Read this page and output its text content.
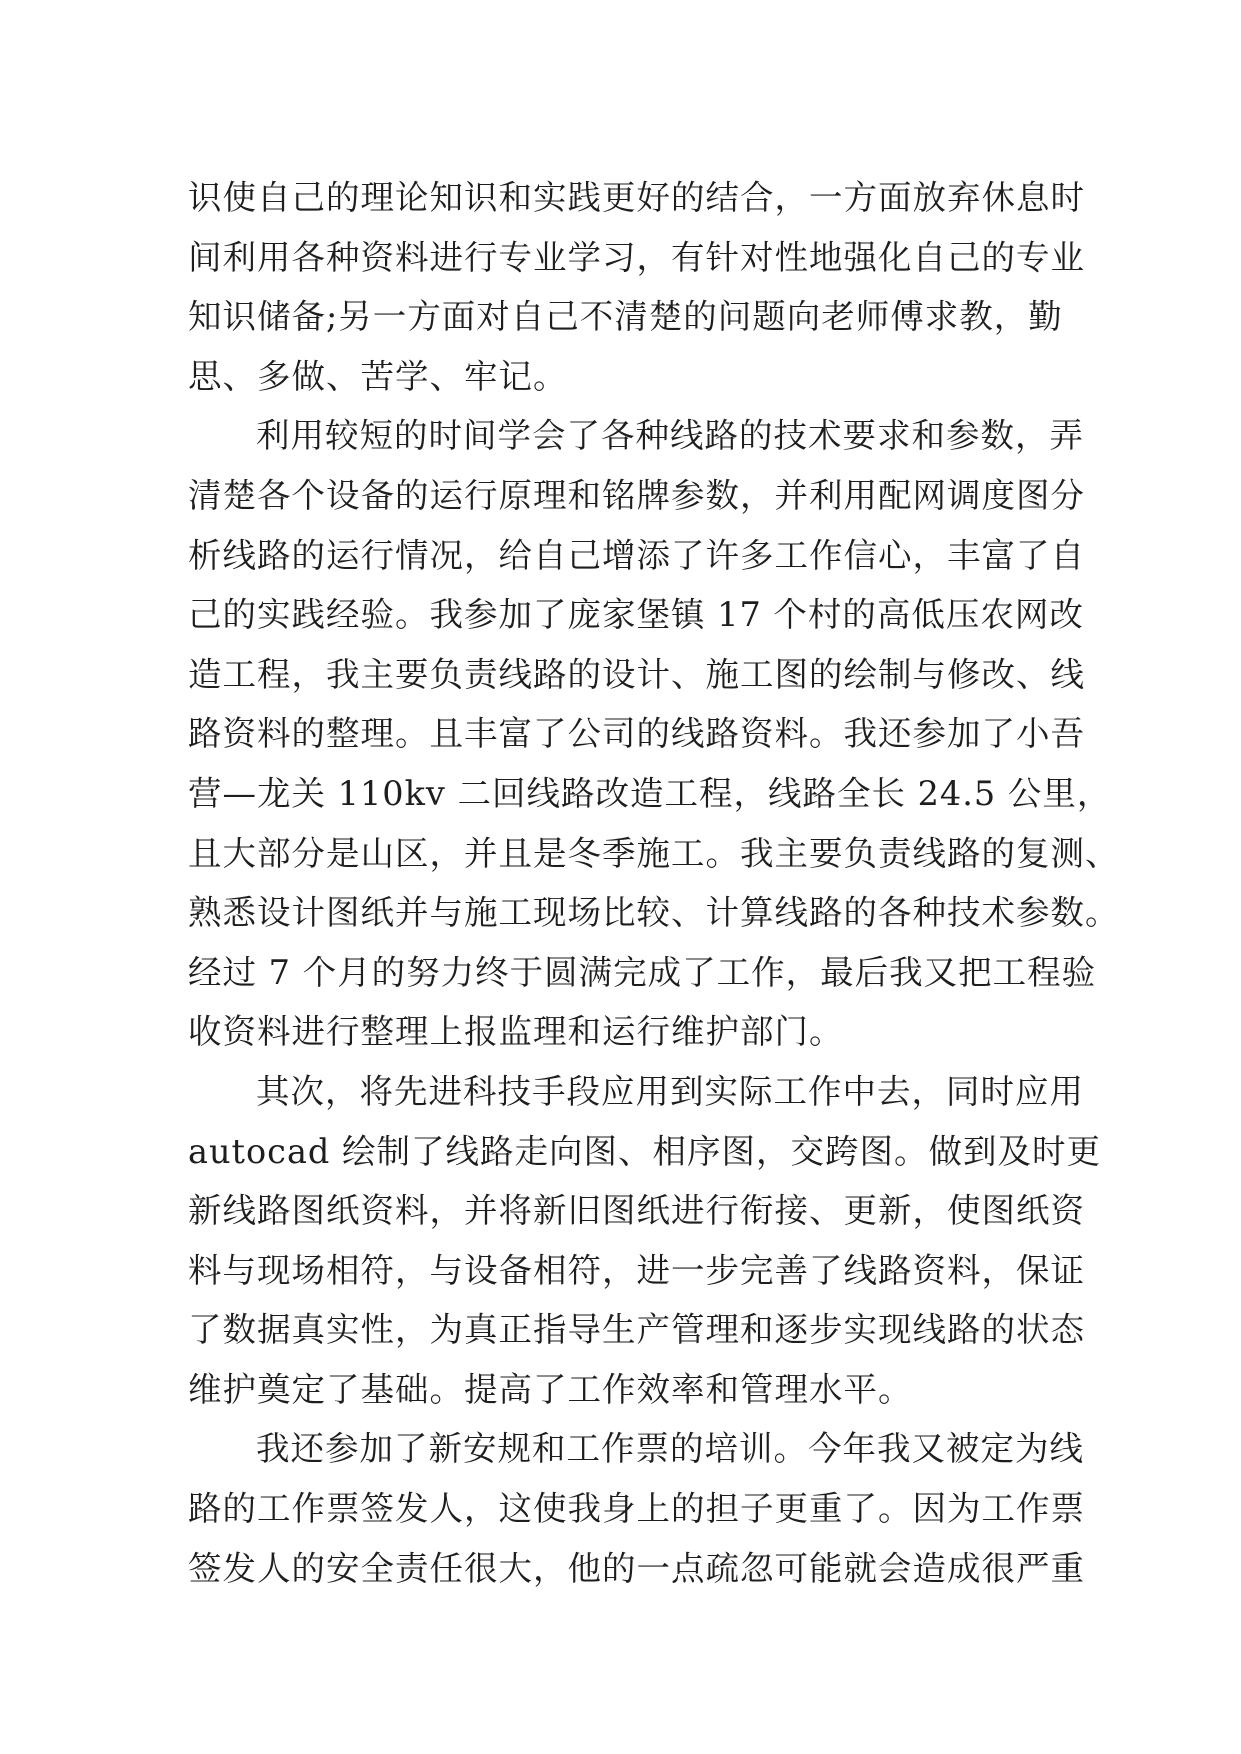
识使自己的理论知识和实践更好的结合，一方面放弃休息时
间利用各种资料进行专业学习，有针对性地强化自己的专业
知识储备;另一方面对自己不清楚的问题向老师傅求教，勤
思、多做、苦学、牢记。
利用较短的时间学会了各种线路的技术要求和参数，弄
清楚各个设备的运行原理和铭牌参数，并利用配网调度图分
析线路的运行情况，给自己增添了许多工作信心，丰富了自
己的实践经验。我参加了庞家堡镇 17 个村的高低压农网改
造工程，我主要负责线路的设计、施工图的绘制与修改、线
路资料的整理。且丰富了公司的线路资料。我还参加了小吾
营—龙关 110kv 二回线路改造工程，线路全长 24.5 公里，
且大部分是山区，并且是冬季施工。我主要负责线路的复测、
熟悉设计图纸并与施工现场比较、计算线路的各种技术参数。
经过 7 个月的努力终于圆满完成了工作，最后我又把工程验
收资料进行整理上报监理和运行维护部门。
其次，将先进科技手段应用到实际工作中去，同时应用
autocad 绘制了线路走向图、相序图，交跨图。做到及时更
新线路图纸资料，并将新旧图纸进行衔接、更新，使图纸资
料与现场相符，与设备相符，进一步完善了线路资料，保证
了数据真实性，为真正指导生产管理和逐步实现线路的状态
维护奠定了基础。提高了工作效率和管理水平。
我还参加了新安规和工作票的培训。今年我又被定为线
路的工作票签发人，这使我身上的担子更重了。因为工作票
签发人的安全责任很大，他的一点疏忽可能就会造成很严重
